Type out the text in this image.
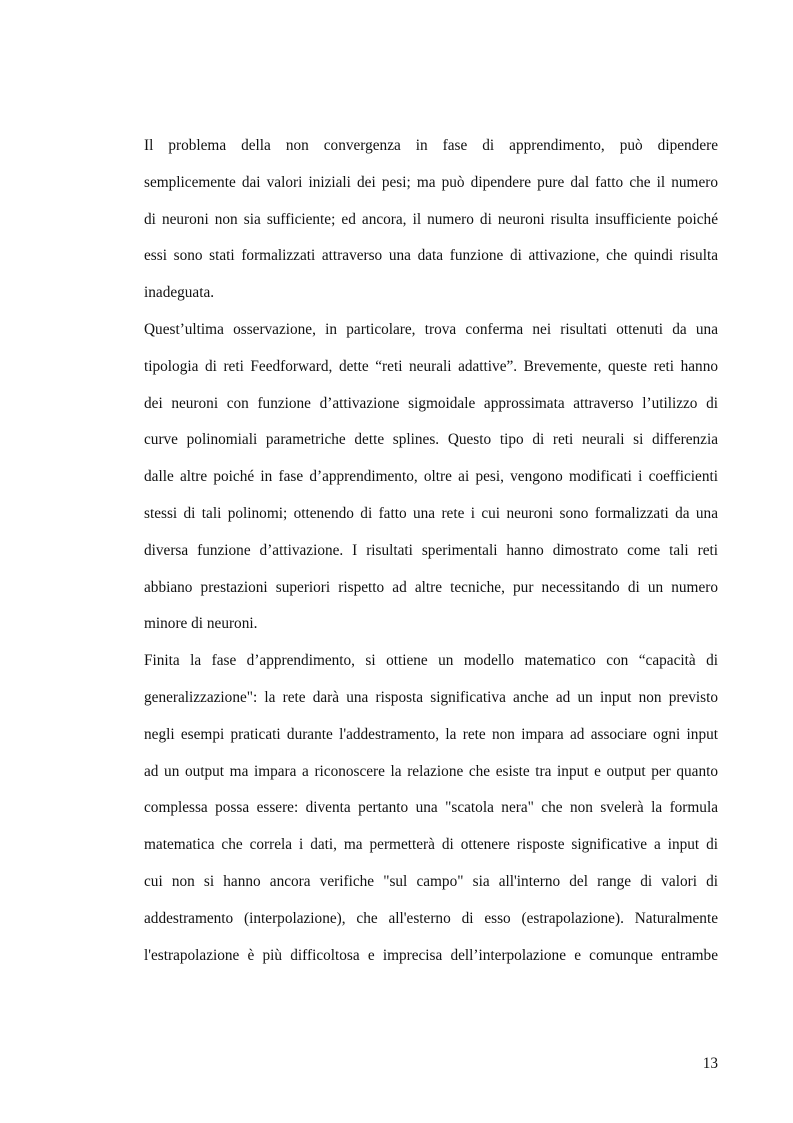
Il problema della non convergenza in fase di apprendimento, può dipendere
semplicemente dai valori iniziali dei pesi; ma può dipendere pure dal fatto che il numero
di neuroni non sia sufficiente; ed ancora, il numero di neuroni risulta insufficiente poiché
essi sono stati formalizzati attraverso una data funzione di attivazione, che quindi risulta
inadeguata.
Quest’ultima osservazione, in particolare, trova conferma nei risultati ottenuti da una
tipologia di reti Feedforward, dette “reti neurali adattive”. Brevemente, queste reti hanno
dei neuroni con funzione d’attivazione sigmoidale approssimata attraverso l’utilizzo di
curve polinomiali parametriche dette splines. Questo tipo di reti neurali si differenzia
dalle altre poiché in fase d’apprendimento, oltre ai pesi, vengono modificati i coefficienti
stessi di tali polinomi; ottenendo di fatto una rete i cui neuroni sono formalizzati da una
diversa funzione d’attivazione. I risultati sperimentali hanno dimostrato come tali reti
abbiano prestazioni superiori rispetto ad altre tecniche, pur necessitando di un numero
minore di neuroni.
Finita la fase d’apprendimento, si ottiene un modello matematico con “capacità di
generalizzazione": la rete darà una risposta significativa anche ad un input non previsto
negli esempi praticati durante l'addestramento, la rete non impara ad associare ogni input
ad un output ma impara a riconoscere la relazione che esiste tra input e output per quanto
complessa possa essere: diventa pertanto una "scatola nera" che non svelerà la formula
matematica che correla i dati, ma permetterà di ottenere risposte significative a input di
cui non si hanno ancora verifiche "sul campo" sia all'interno del range di valori di
addestramento (interpolazione), che all'esterno di esso (estrapolazione). Naturalmente
l'estrapolazione è più difficoltosa e imprecisa dell’interpolazione e comunque entrambe
13
